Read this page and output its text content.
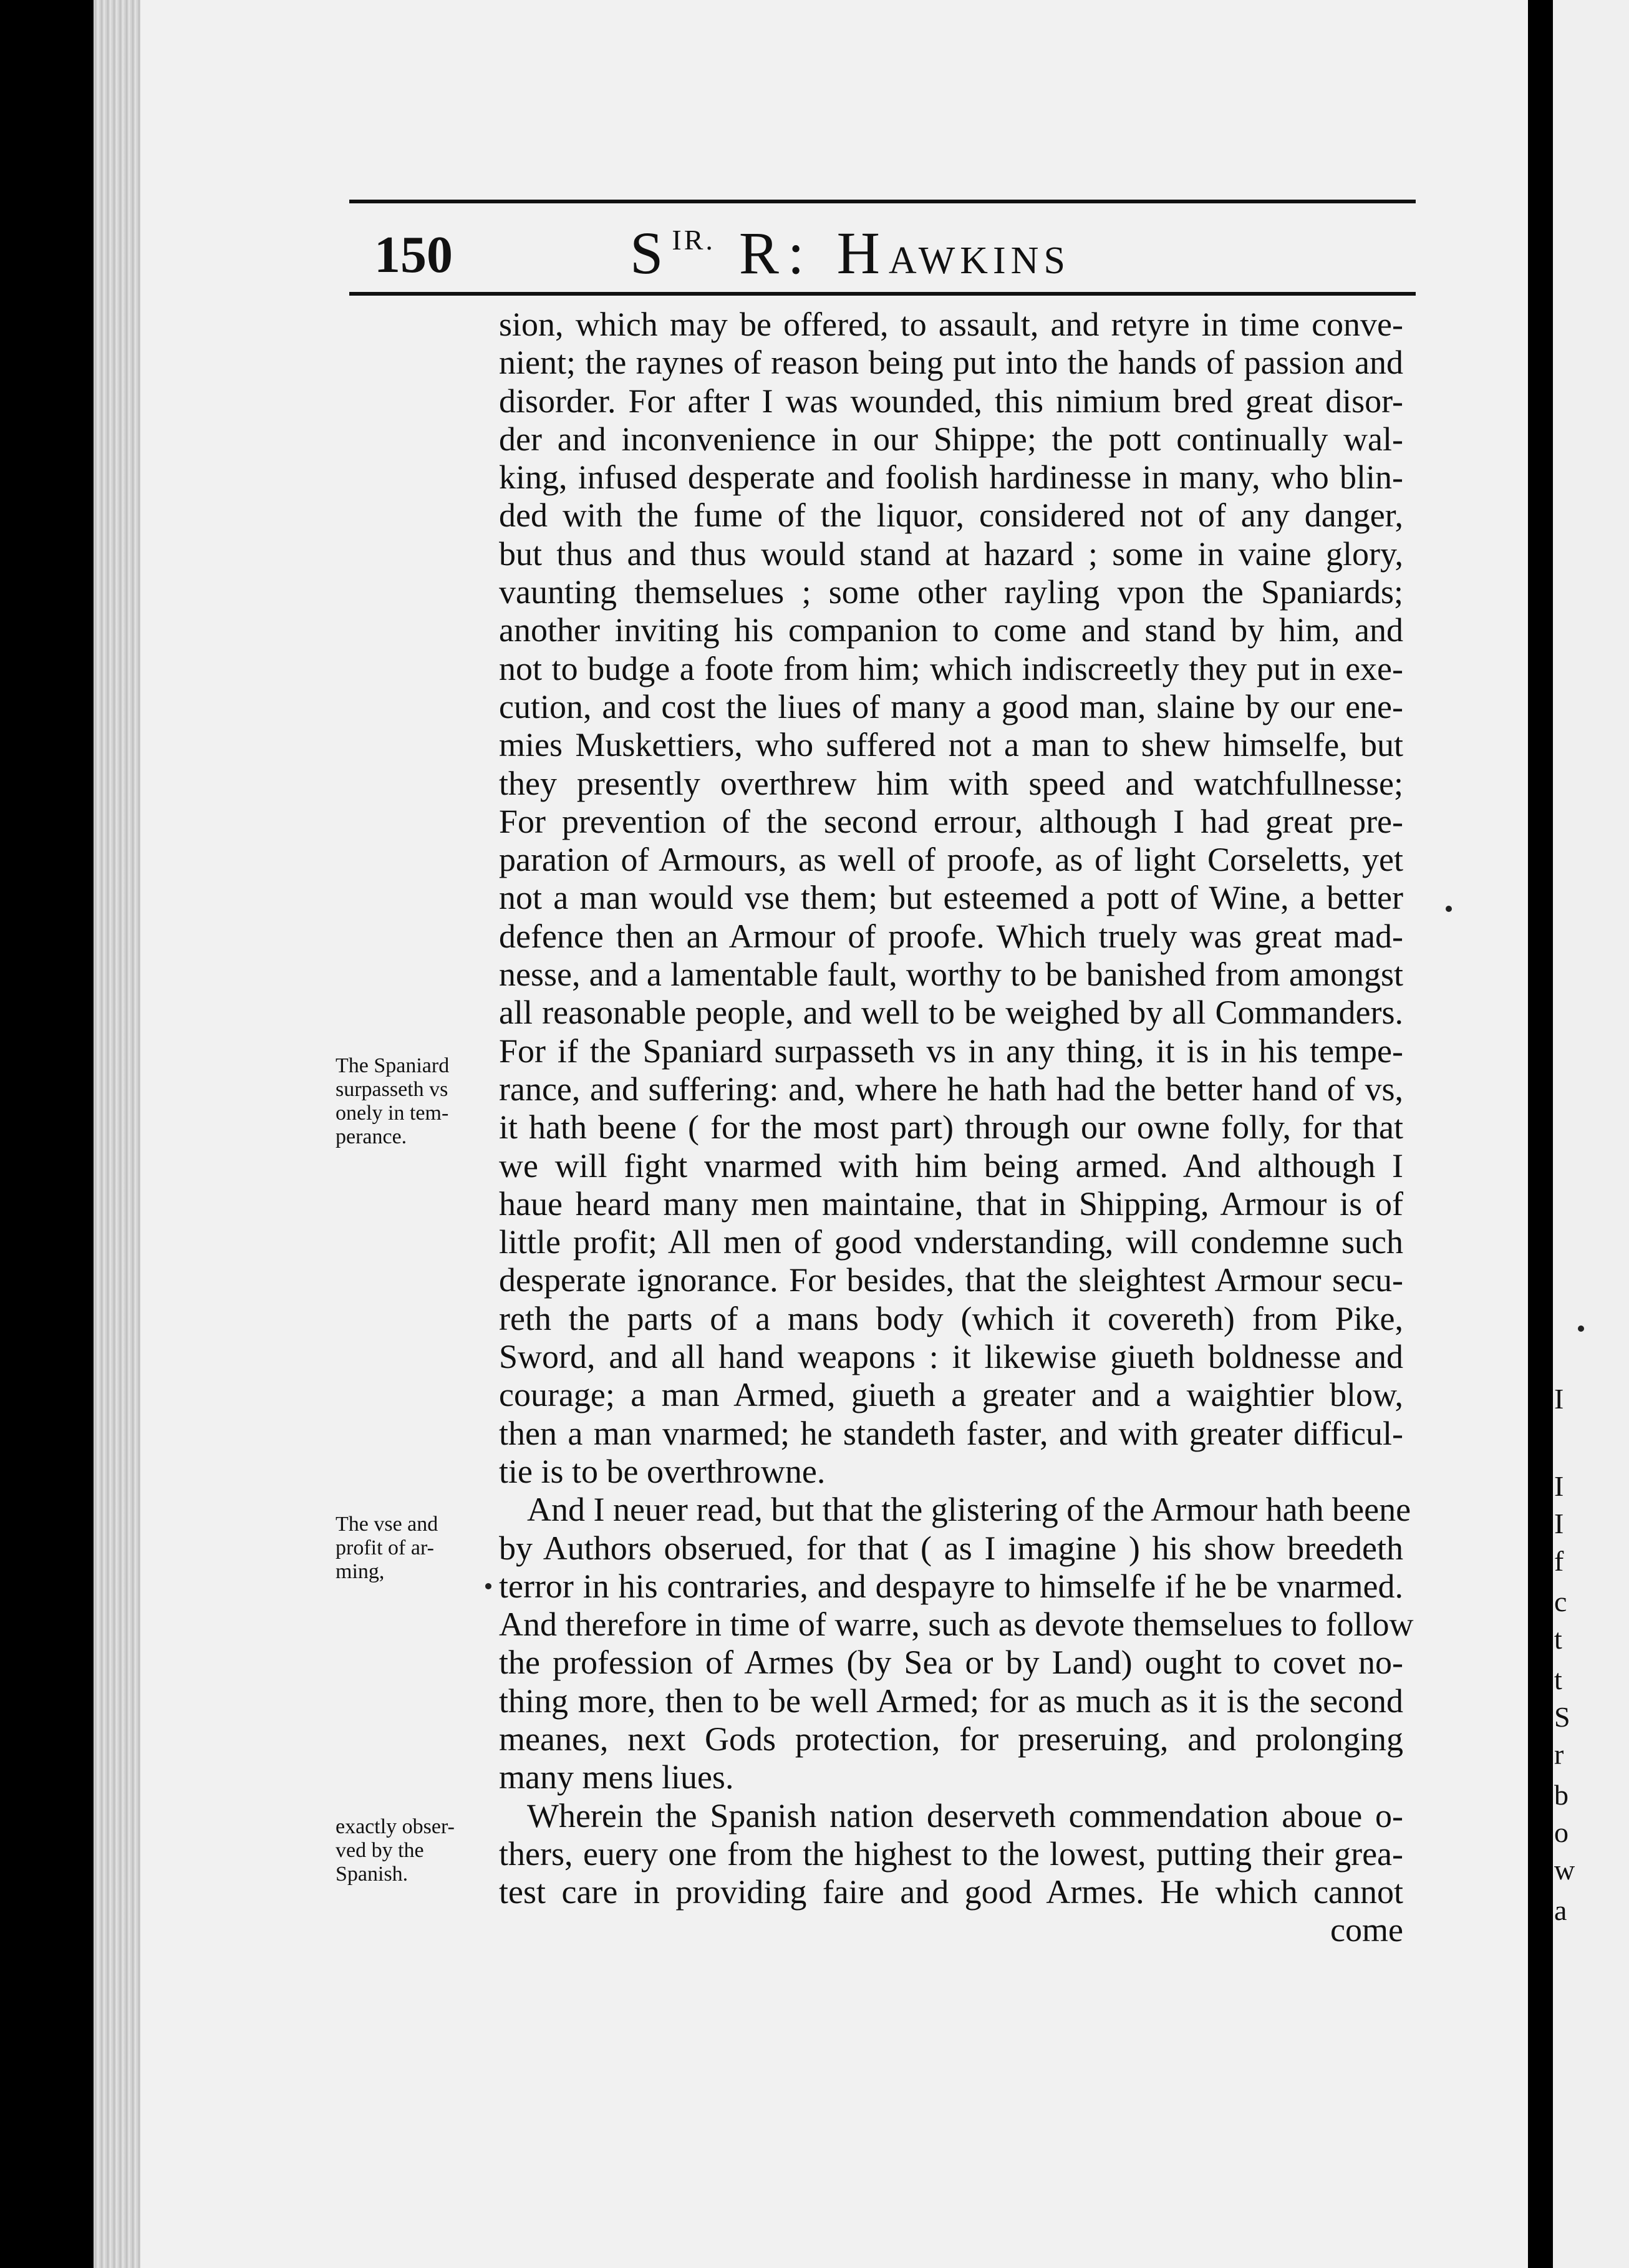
I
I
I
f
c
t
t
S
r
b
o
w
a
150	$S^{IR.}$ R: HAWKINS
sion, which may be offered, to assault, and retyre in time conve-
nient; the raynes of reason being put into the hands of passion and
disorder. For after I was wounded, this nimium bred great disor-
der and inconvenience in our Shippe; the pott continually wal-
king, infused desperate and foolish hardinesse in many, who blin-
ded with the fume of the liquor, considered not of any danger,
but thus and thus would stand at hazard ; some in vaine glory,
vaunting themselues ; some other rayling vpon the Spaniards;
another inviting his companion to come and stand by him, and
not to budge a foote from him; which indiscreetly they put in exe-
cution, and cost the liues of many a good man, slaine by our ene-
mies Muskettiers, who suffered not a man to shew himselfe, but
they presently overthrew him with speed and watchfullnesse;
For prevention of the second errour, although I had great pre-
paration of Armours, as well of proofe, as of light Corseletts, yet
not a man would vse them; but esteemed a pott of Wine, a better
defence then an Armour of proofe. Which truely was great mad-
nesse, and a lamentable fault, worthy to be banished from amongst
all reasonable people, and well to be weighed by all Commanders.
For if the Spaniard surpasseth vs in any thing, it is in his tempe-
rance, and suffering: and, where he hath had the better hand of vs,
it hath beene ( for the most part) through our owne folly, for that
we will fight vnarmed with him being armed. And although I
haue heard many men maintaine, that in Shipping, Armour is of
little profit; All men of good vnderstanding, will condemne such
desperate ignorance. For besides, that the sleightest Armour secu-
reth the parts of a mans body (which it covereth) from Pike,
Sword, and all hand weapons : it likewise giueth boldnesse and
courage; a man Armed, giueth a greater and a waightier blow,
then a man vnarmed; he standeth faster, and with greater difficul-
tie is to be overthrowne.
And I neuer read, but that the glistering of the Armour hath beene
by Authors obserued, for that ( as I imagine ) his show breedeth
terror in his contraries, and despayre to himselfe if he be vnarmed.
And therefore in time of warre, such as devote themselues to follow
the profession of Armes (by Sea or by Land) ought to covet no-
thing more, then to be well Armed; for as much as it is the second
meanes, next Gods protection, for preseruing, and prolonging
many mens liues.
Wherein the Spanish nation deserveth commendation aboue o-
thers, euery one from the highest to the lowest, putting their grea-
test care in providing faire and good Armes. He which cannot
come
The Spaniard
surpasseth vs
onely in tem-
perance.
The vse and
profit of ar-
ming,
exactly obser-
ved by the
Spanish.
